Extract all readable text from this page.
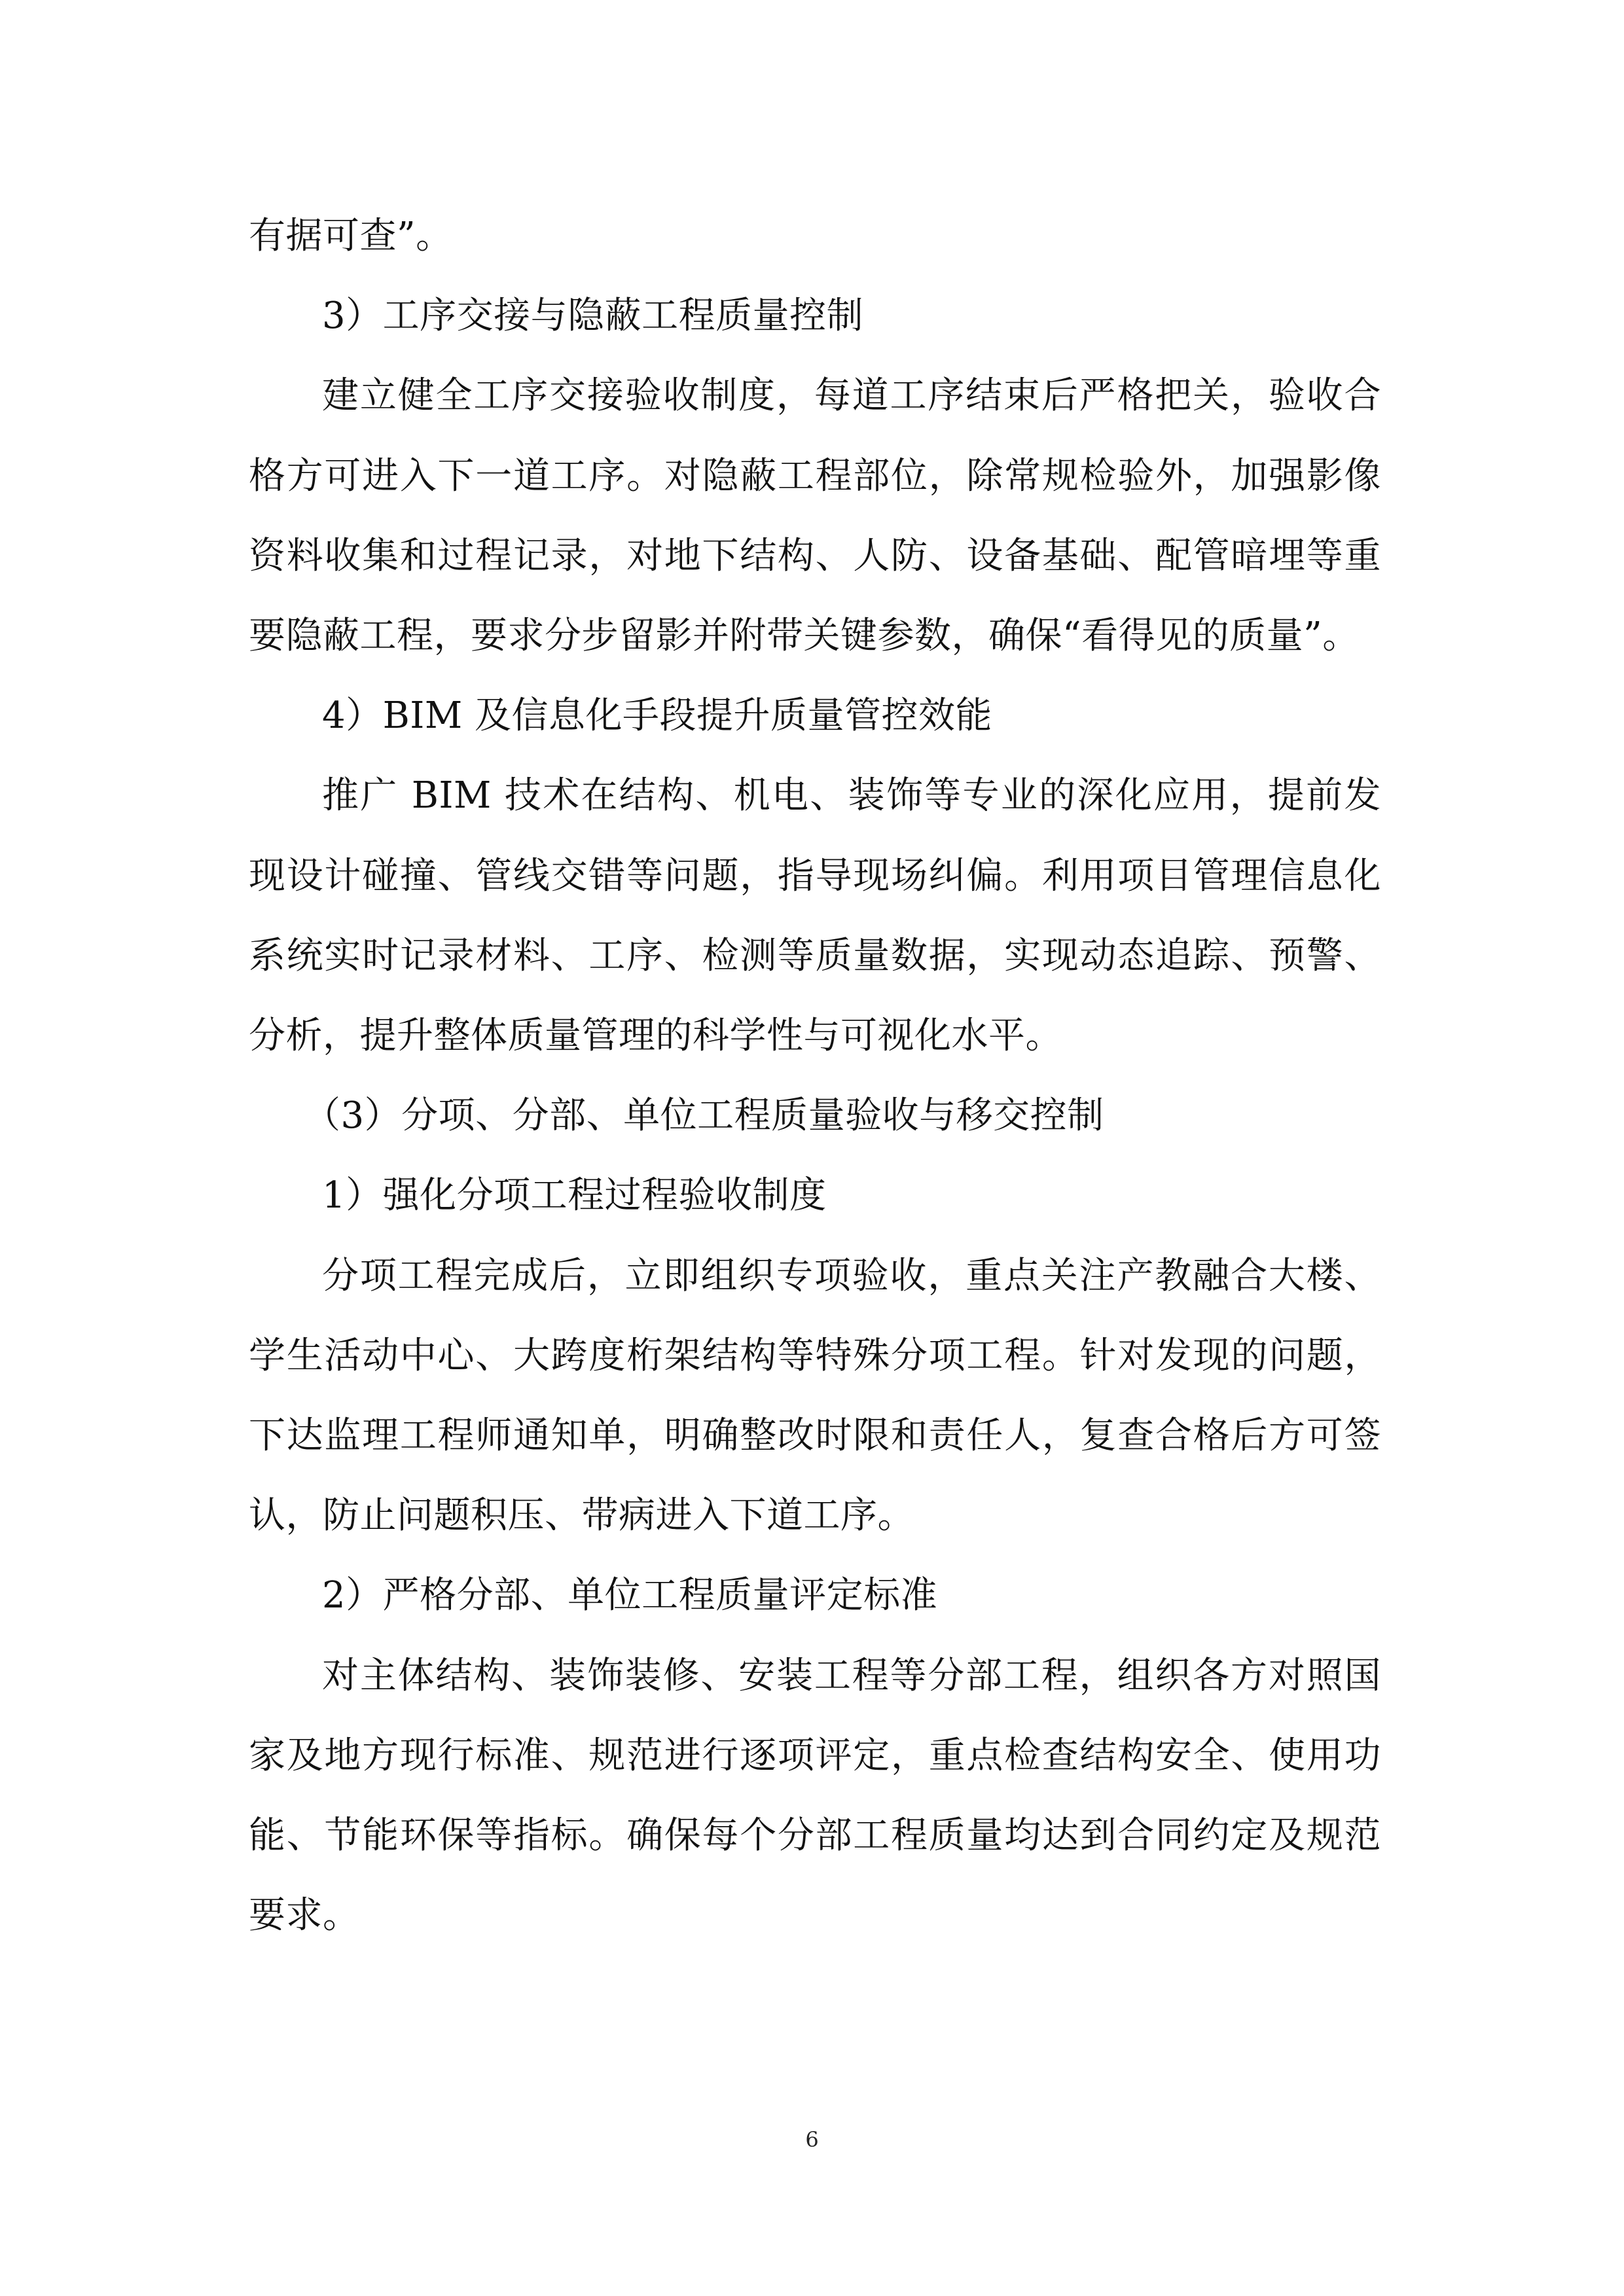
有据可查”。

3）工序交接与隐蔽工程质量控制

建立健全工序交接验收制度，每道工序结束后严格把关，验收合格方可进入下一道工序。对隐蔽工程部位，除常规检验外，加强影像资料收集和过程记录，对地下结构、人防、设备基础、配管暗埋等重要隐蔽工程，要求分步留影并附带关键参数，确保“看得见的质量”。

4）BIM 及信息化手段提升质量管控效能

推广 BIM 技术在结构、机电、装饰等专业的深化应用，提前发现设计碰撞、管线交错等问题，指导现场纠偏。利用项目管理信息化系统实时记录材料、工序、检测等质量数据，实现动态追踪、预警、分析，提升整体质量管理的科学性与可视化水平。

（3）分项、分部、单位工程质量验收与移交控制

1）强化分项工程过程验收制度

分项工程完成后，立即组织专项验收，重点关注产教融合大楼、学生活动中心、大跨度桁架结构等特殊分项工程。针对发现的问题，下达监理工程师通知单，明确整改时限和责任人，复查合格后方可签认，防止问题积压、带病进入下道工序。

2）严格分部、单位工程质量评定标准

对主体结构、装饰装修、安装工程等分部工程，组织各方对照国家及地方现行标准、规范进行逐项评定，重点检查结构安全、使用功能、节能环保等指标。确保每个分部工程质量均达到合同约定及规范要求。

6
